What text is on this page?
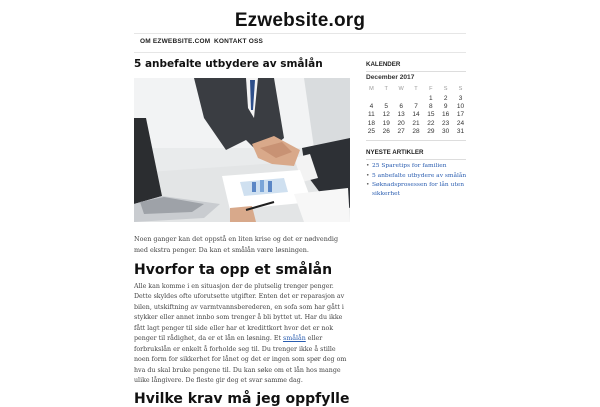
Ezwebsite.org
OM EZWEBSITE.COM KONTAKT OSS
5 anbefalte utbydere av smålån
Noen ganger kan det oppstå en liten krise og det er nødvendig med ekstra penger. Da kan et smålån være løsningen.
Hvorfor ta opp et smålån
Alle kan komme i en situasjon der de plutselig trenger penger. Dette skyldes ofte uforutsette utgifter. Enten det er reparasjon av bilen, utskiftning av varmtvannsberederen, en sofa som har gått i stykker eller annet innbo som trenger å bli byttet ut. Har du ikke fått lagt penger til side eller har et kredittkort hvor det er nok penger til rådighet, da er et lån en løsning. Et smålån eller forbrukslån er enkelt å forholde seg til. Du trenger ikke å stille noen form for sikkerhet for lånet og det er ingen som spør deg om hva du skal bruke pengene til. Du kan søke om et lån hos mange ulike långivere. De fleste gir deg et svar samme dag.
Hvilke krav må jeg oppfylle
KALENDER
December 2017
M	T	W	T	F	S	S
				1	2	3
4	5	6	7	8	9	10
11	12	13	14	15	16	17
18	19	20	21	22	23	24
25	26	27	28	29	30	31
NYESTE ARTIKLER
• 25 Sparetips for familien
• 5 anbefalte utbydere av smålån
• Søknadsprosessen for lån uten sikkerhet
